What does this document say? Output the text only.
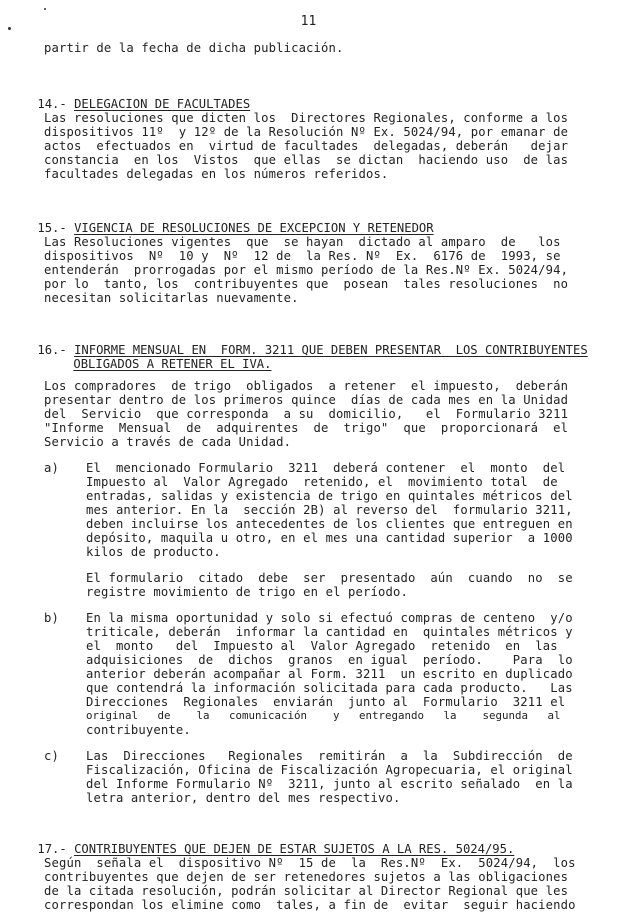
11
partir de la fecha de dicha publicación.

14.- DELEGACION DE FACULTADES

Las resoluciones que dicten los  Directores Regionales, conforme a los
dispositivos 11º  y 12º de la Resolución Nº Ex. 5024/94, por emanar de
actos  efectuados en  virtud de facultades  delegadas, deberán   dejar
constancia  en los  Vistos  que ellas  se dictan  haciendo uso  de las
facultades delegadas en los números referidos.

15.- VIGENCIA DE RESOLUCIONES DE EXCEPCION Y RETENEDOR

Las Resoluciones vigentes  que  se hayan  dictado al amparo  de   los
dispositivos  Nº  10 y  Nº  12 de  la Res. Nº  Ex.  6176 de  1993, se
entenderán  prorrogadas por el mismo período de la Res.Nº Ex. 5024/94,
por lo  tanto, los  contribuyentes que  posean  tales resoluciones  no
necesitan solicitarlas nuevamente.

16.- INFORME MENSUAL EN  FORM. 3211 QUE DEBEN PRESENTAR  LOS CONTRIBUYENTES

OBLIGADOS A RETENER EL IVA.

Los compradores  de trigo  obligados  a retener  el impuesto,  deberán
presentar dentro de los primeros quince  días de cada mes en la Unidad
del  Servicio  que corresponda  a su  domicilio,   el  Formulario 3211
"Informe  Mensual  de  adquirentes  de  trigo"  que  proporcionará  el
Servicio a través de cada Unidad.
a) El  mencionado Formulario  3211  deberá contener  el  monto  del
Impuesto al  Valor Agregado  retenido, el  movimiento total  de
entradas, salidas y existencia de trigo en quintales métricos del
mes anterior. En la  sección 2B) al reverso del  formulario 3211,
deben incluirse los antecedentes de los clientes que entreguen en
depósito, maquila u otro, en el mes una cantidad superior  a 1000
kilos de producto.
El formulario  citado  debe  ser  presentado  aún  cuando  no  se
registre movimiento de trigo en el período.
b) En la misma oportunidad y solo si efectuó compras de centeno  y/o
triticale, deberán  informar la cantidad en  quintales métricos y
el  monto   del  Impuesto al  Valor Agregado  retenido  en  las
adquisiciones  de  dichos  granos  en igual  período.    Para  lo
anterior deberán acompañar al Form. 3211  un escrito en duplicado
que contendrá la información solicitada para cada producto.   Las
Direcciones  Regionales  enviarán  junto al  Formulario  3211 el
original   de    la   comunicación    y   entregando   la    segunda   al
contribuyente.
c) Las  Direcciones   Regionales  remitirán  a  la  Subdirección  de
Fiscalización, Oficina de Fiscalización Agropecuaria, el original
del Informe Formulario Nº  3211, junto al escrito señalado  en la
letra anterior, dentro del mes respectivo.

17.- CONTRIBUYENTES QUE DEJEN DE ESTAR SUJETOS A LA RES. 5024/95.

Según  señala el  dispositivo Nº  15 de  la  Res.Nº  Ex.  5024/94,  los
contribuyentes que dejen de ser retenedores sujetos a las obligaciones
de la citada resolución, podrán solicitar al Director Regional que les
correspondan los elimine como  tales, a fin de  evitar  seguir haciendo
